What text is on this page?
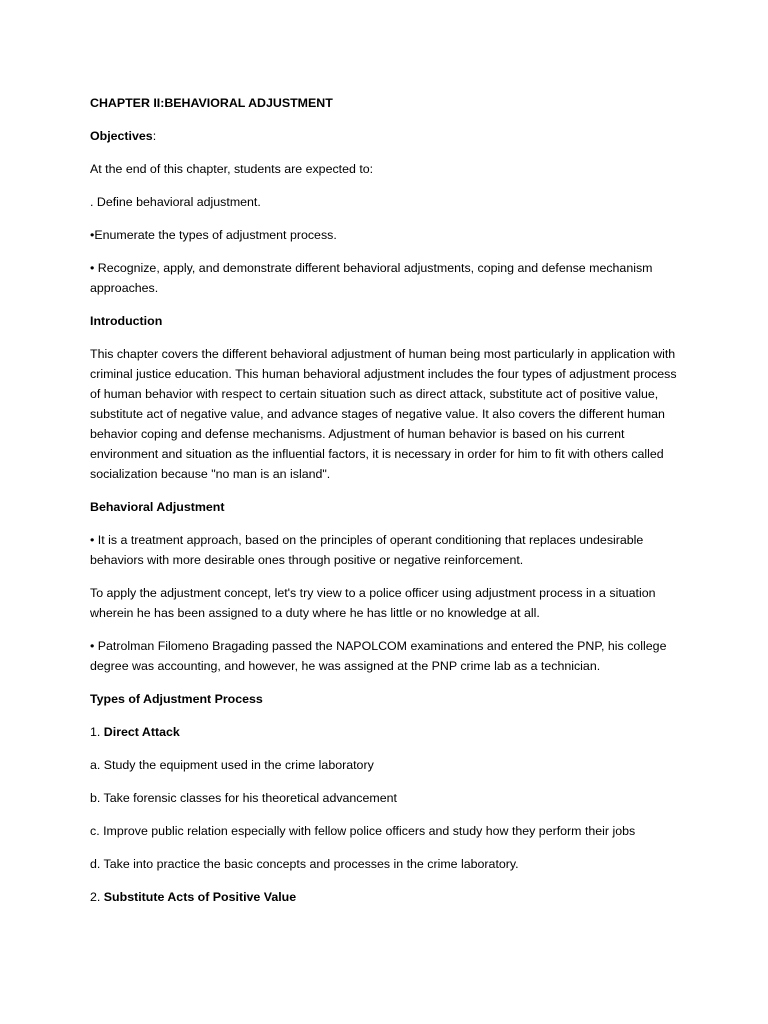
CHAPTER II:BEHAVIORAL ADJUSTMENT

Objectives:

At the end of this chapter, students are expected to:

. Define behavioral adjustment.

•Enumerate the types of adjustment process.

• Recognize, apply, and demonstrate different behavioral adjustments, coping and defense mechanism approaches.

Introduction

This chapter covers the different behavioral adjustment of human being most particularly in application with criminal justice education. This human behavioral adjustment includes the four types of adjustment process of human behavior with respect to certain situation such as direct attack, substitute act of positive value, substitute act of negative value, and advance stages of negative value. It also covers the different human behavior coping and defense mechanisms. Adjustment of human behavior is based on his current environment and situation as the influential factors, it is necessary in order for him to fit with others called socialization because "no man is an island".

Behavioral Adjustment

• It is a treatment approach, based on the principles of operant conditioning that replaces undesirable behaviors with more desirable ones through positive or negative reinforcement.

To apply the adjustment concept, let's try view to a police officer using adjustment process in a situation wherein he has been assigned to a duty where he has little or no knowledge at all.

• Patrolman Filomeno Bragading passed the NAPOLCOM examinations and entered the PNP, his college degree was accounting, and however, he was assigned at the PNP crime lab as a technician.

Types of Adjustment Process

1. Direct Attack

a. Study the equipment used in the crime laboratory

b. Take forensic classes for his theoretical advancement

c. Improve public relation especially with fellow police officers and study how they perform their jobs

d. Take into practice the basic concepts and processes in the crime laboratory.

2. Substitute Acts of Positive Value
